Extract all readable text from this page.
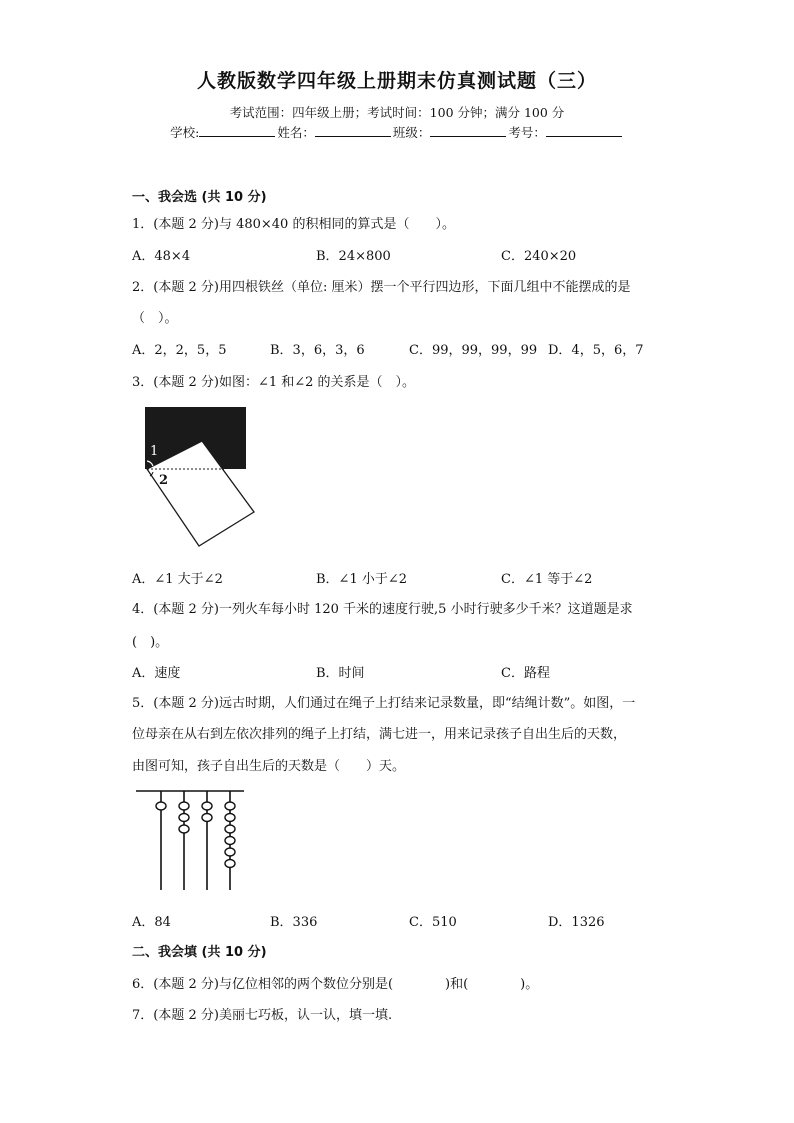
人教版数学四年级上册期末仿真测试题（三）
考试范围：四年级上册；考试时间：100 分钟；满分 100 分
学校:	姓名：	班级：	考号：
一、我会选 (共 10 分)
1．(本题 2 分)与 480×40 的积相同的算式是（　　）。
A．48×4	B．24×800	C．240×20
2．(本题 2 分)用四根铁丝（单位: 厘米）摆一个平行四边形，下面几组中不能摆成的是
（　）。
A．2，2，5，5	B．3，6，3，6	C．99，99，99，99 D．4，5，6，7
3．(本题 2 分)如图：∠1 和∠2 的关系是（　）。
1
2
A．∠1 大于∠2	B．∠1 小于∠2	C．∠1 等于∠2
4．(本题 2 分)一列火车每小时 120 千米的速度行驶,5 小时行驶多少千米？这道题是求
(　)。
A．速度	B．时间	C．路程
5．(本题 2 分)远古时期，人们通过在绳子上打结来记录数量，即“结绳计数”。如图，一
位母亲在从右到左依次排列的绳子上打结，满七进一，用来记录孩子自出生后的天数，
由图可知，孩子自出生后的天数是（　　）天。
A．84	B．336	C．510	D．1326
二、我会填 (共 10 分)
6．(本题 2 分)与亿位相邻的两个数位分别是(　　　　)和(　　　　)。
7．(本题 2 分)美丽七巧板，认一认，填一填.
